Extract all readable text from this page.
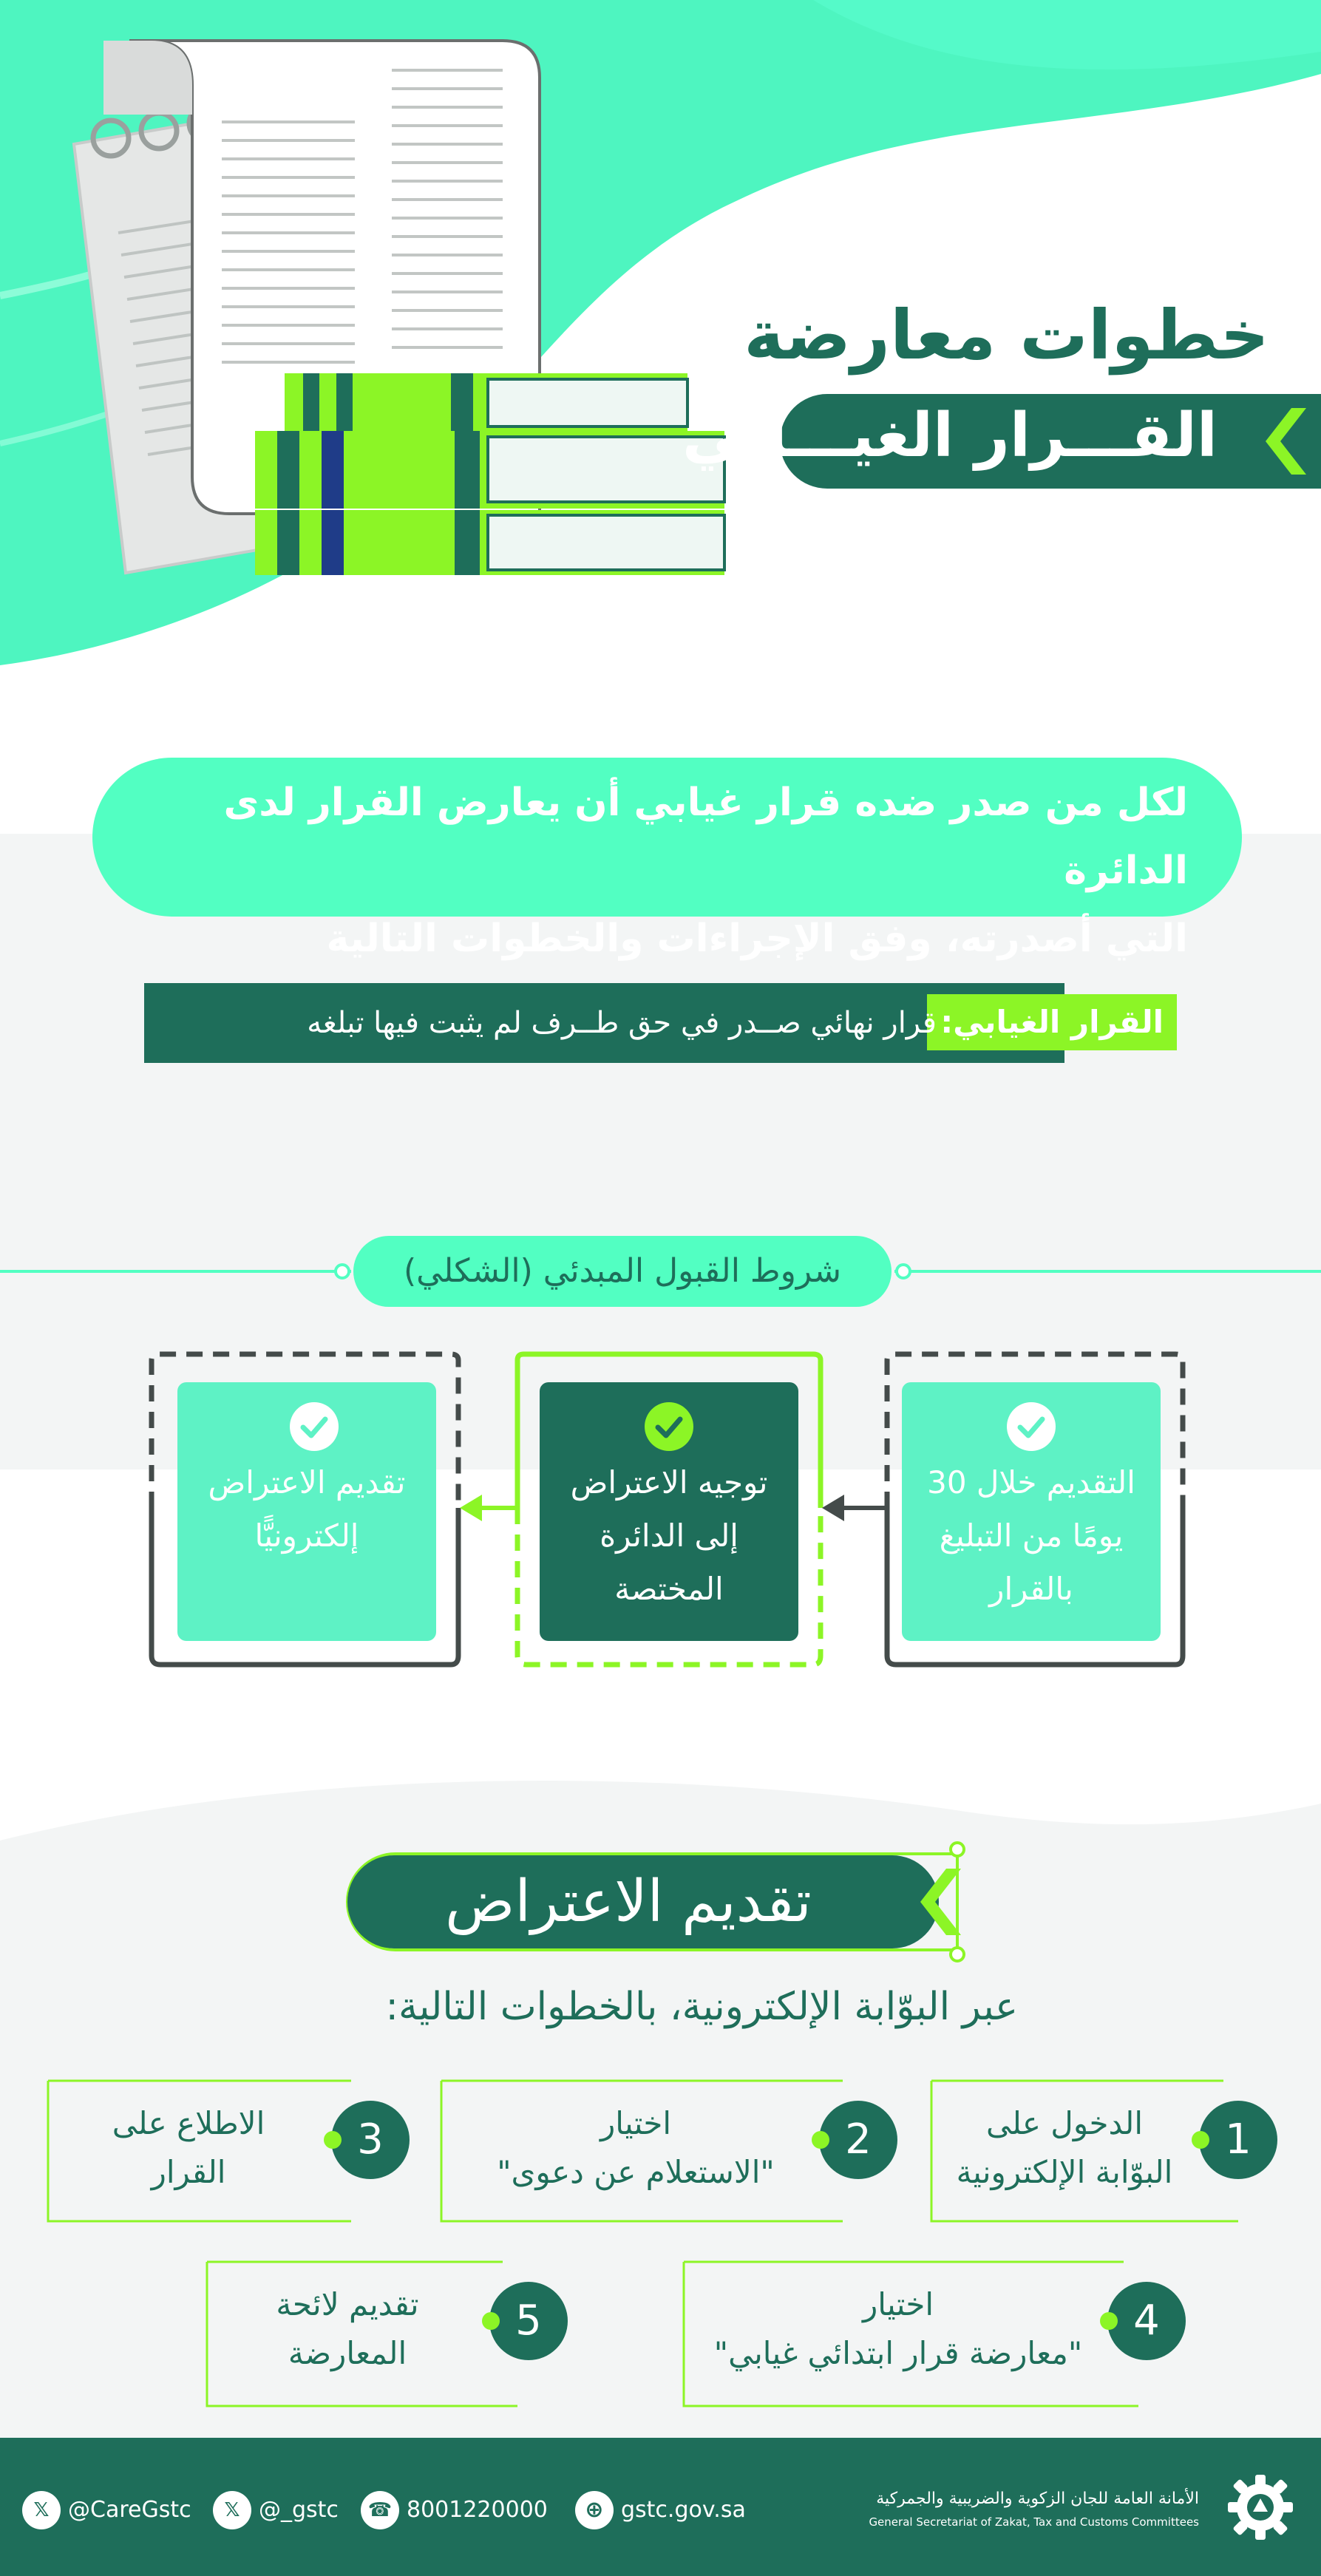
خطوات معارضة
القـــرار الغيـــابي
لكل من صدر ضده قرار غيابي أن يعارض القرار لدى الدائرة
التي أصدرته، وفق الإجراءات والخطوات التالية
القرار الغيابي:
قرار نهائي صــدر في حق طــرف لم يثبت فيها تبلغه
شروط القبول المبدئي (الشكلي)
التقديم خلال 30
يومًا من التبليغ
بالقرار
توجيه الاعتراض
إلى الدائرة
المختصة
تقديم الاعتراض
إلكترونيًّا
تقديم الاعتراض
عبر البوّابة الإلكترونية، بالخطوات التالية:
1
الدخول على
البوّابة الإلكترونية
2
اختيار
"الاستعلام عن دعوى"
3
الاطلاع على
القرار
4
اختيار
"معارضة قرار ابتدائي غيابي"
5
تقديم لائحة
المعارضة
𝕏 @CareGstc	𝕏 @_gstc	☎ 8001220000	⊕ gstc.gov.sa	الأمانة العامة للجان الزكوية والضريبية والجمركية
General Secretariat of Zakat, Tax and Customs Committees
